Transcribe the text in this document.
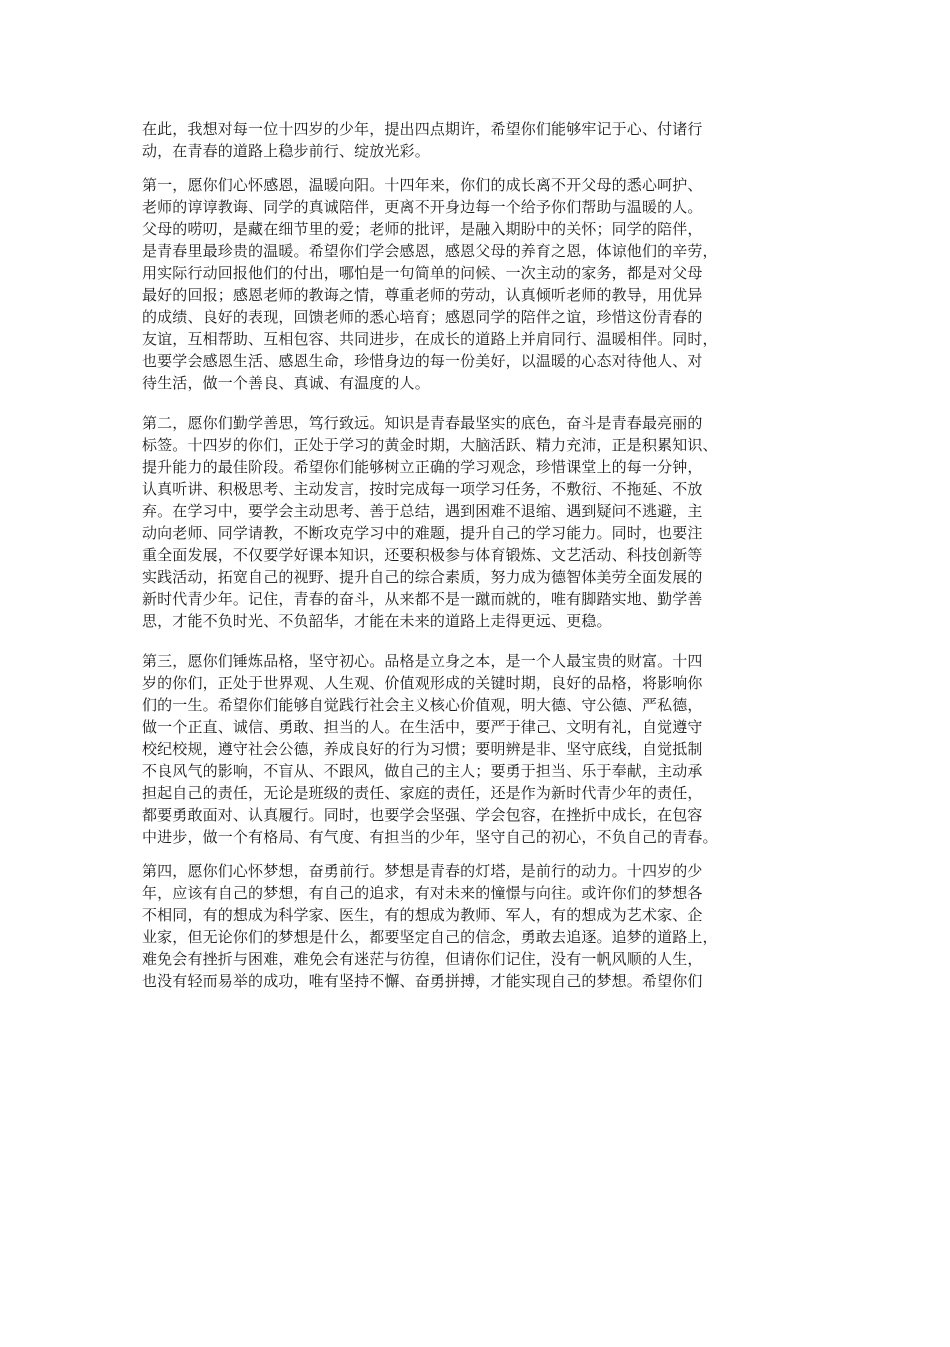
在此，我想对每一位十四岁的少年，提出四点期许，希望你们能够牢记于心、付诸行
动，在青春的道路上稳步前行、绽放光彩。
第一，愿你们心怀感恩，温暖向阳。十四年来，你们的成长离不开父母的悉心呵护、
老师的谆谆教诲、同学的真诚陪伴，更离不开身边每一个给予你们帮助与温暖的人。
父母的唠叨，是藏在细节里的爱；老师的批评，是融入期盼中的关怀；同学的陪伴，
是青春里最珍贵的温暖。希望你们学会感恩，感恩父母的养育之恩，体谅他们的辛劳，
用实际行动回报他们的付出，哪怕是一句简单的问候、一次主动的家务，都是对父母
最好的回报；感恩老师的教诲之情，尊重老师的劳动，认真倾听老师的教导，用优异
的成绩、良好的表现，回馈老师的悉心培育；感恩同学的陪伴之谊，珍惜这份青春的
友谊，互相帮助、互相包容、共同进步，在成长的道路上并肩同行、温暖相伴。同时，
也要学会感恩生活、感恩生命，珍惜身边的每一份美好，以温暖的心态对待他人、对
待生活，做一个善良、真诚、有温度的人。
第二，愿你们勤学善思，笃行致远。知识是青春最坚实的底色，奋斗是青春最亮丽的
标签。十四岁的你们，正处于学习的黄金时期，大脑活跃、精力充沛，正是积累知识、
提升能力的最佳阶段。希望你们能够树立正确的学习观念，珍惜课堂上的每一分钟，
认真听讲、积极思考、主动发言，按时完成每一项学习任务，不敷衍、不拖延、不放
弃。在学习中，要学会主动思考、善于总结，遇到困难不退缩、遇到疑问不逃避，主
动向老师、同学请教，不断攻克学习中的难题，提升自己的学习能力。同时，也要注
重全面发展，不仅要学好课本知识，还要积极参与体育锻炼、文艺活动、科技创新等
实践活动，拓宽自己的视野、提升自己的综合素质，努力成为德智体美劳全面发展的
新时代青少年。记住，青春的奋斗，从来都不是一蹴而就的，唯有脚踏实地、勤学善
思，才能不负时光、不负韶华，才能在未来的道路上走得更远、更稳。
第三，愿你们锤炼品格，坚守初心。品格是立身之本，是一个人最宝贵的财富。十四
岁的你们，正处于世界观、人生观、价值观形成的关键时期，良好的品格，将影响你
们的一生。希望你们能够自觉践行社会主义核心价值观，明大德、守公德、严私德，
做一个正直、诚信、勇敢、担当的人。在生活中，要严于律己、文明有礼，自觉遵守
校纪校规，遵守社会公德，养成良好的行为习惯；要明辨是非、坚守底线，自觉抵制
不良风气的影响，不盲从、不跟风，做自己的主人；要勇于担当、乐于奉献，主动承
担起自己的责任，无论是班级的责任、家庭的责任，还是作为新时代青少年的责任，
都要勇敢面对、认真履行。同时，也要学会坚强、学会包容，在挫折中成长，在包容
中进步，做一个有格局、有气度、有担当的少年，坚守自己的初心，不负自己的青春。
第四，愿你们心怀梦想，奋勇前行。梦想是青春的灯塔，是前行的动力。十四岁的少
年，应该有自己的梦想，有自己的追求，有对未来的憧憬与向往。或许你们的梦想各
不相同，有的想成为科学家、医生，有的想成为教师、军人，有的想成为艺术家、企
业家，但无论你们的梦想是什么，都要坚定自己的信念，勇敢去追逐。追梦的道路上，
难免会有挫折与困难，难免会有迷茫与彷徨，但请你们记住，没有一帆风顺的人生，
也没有轻而易举的成功，唯有坚持不懈、奋勇拼搏，才能实现自己的梦想。希望你们
